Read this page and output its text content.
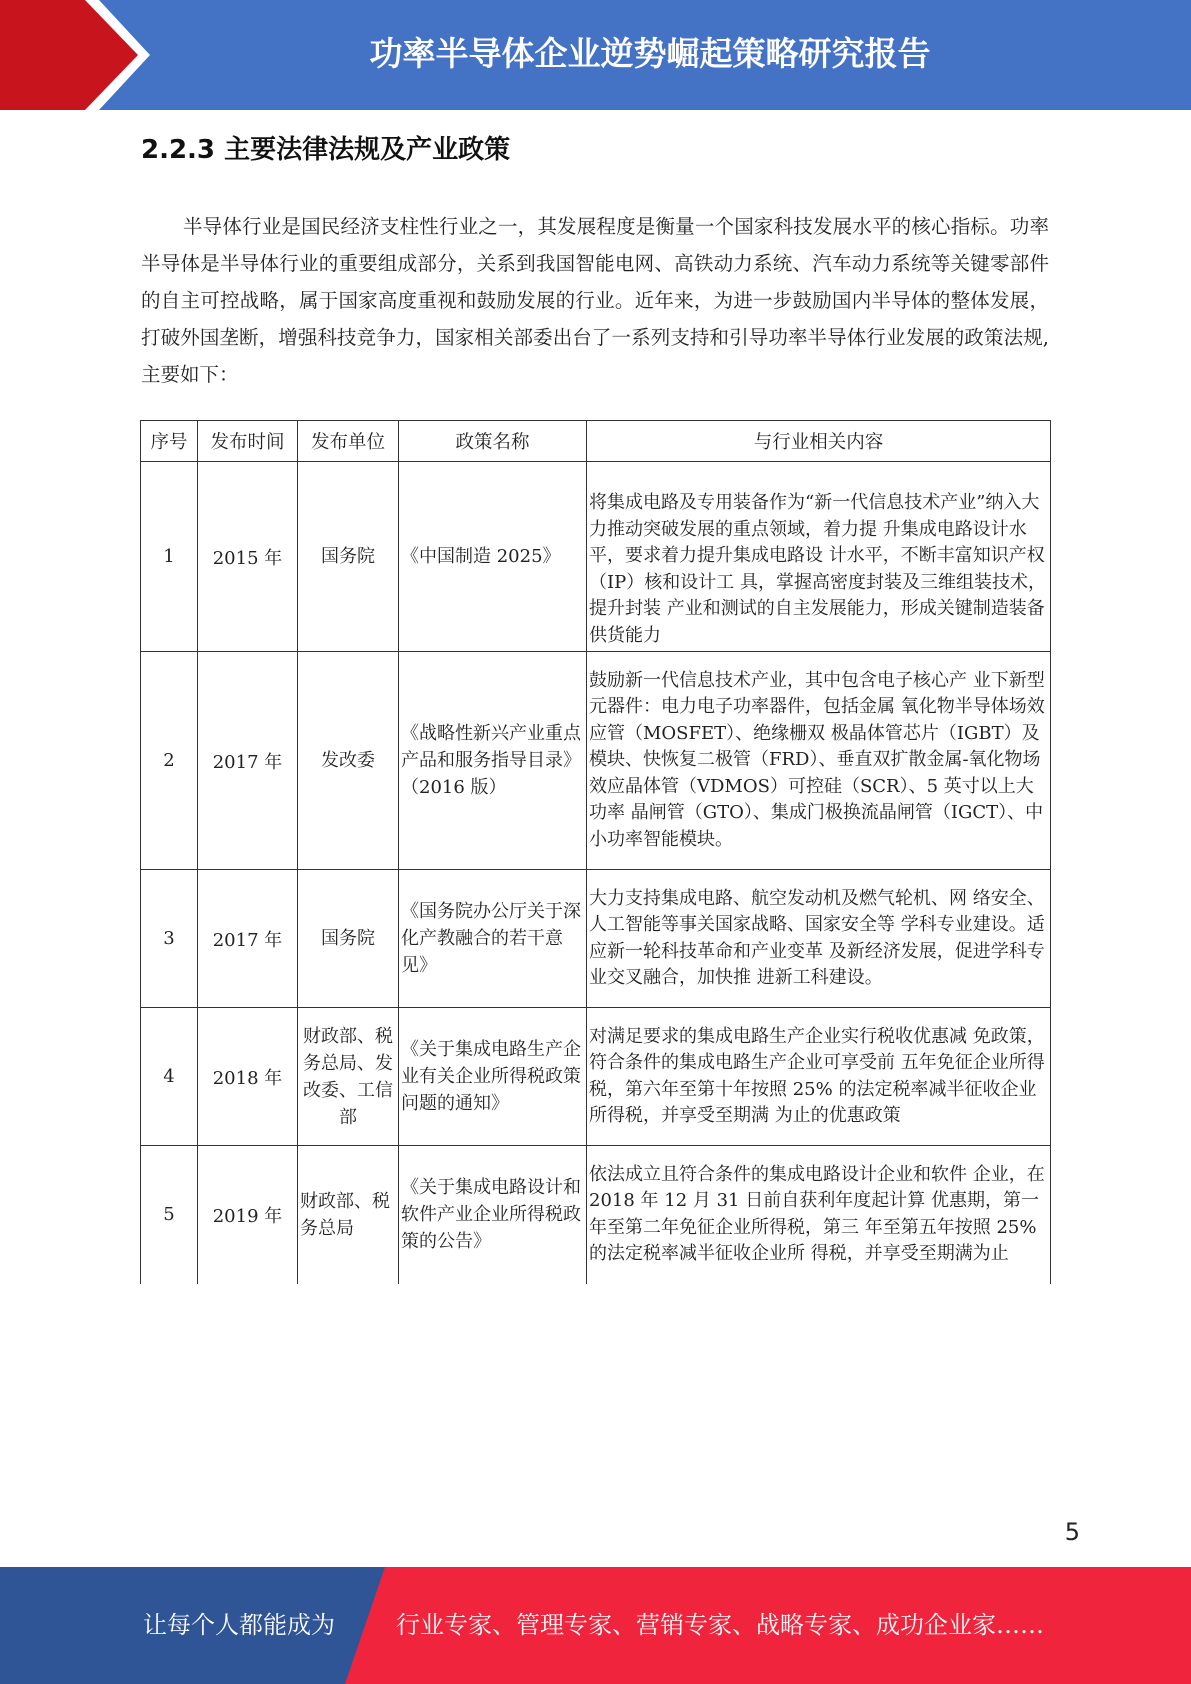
功率半导体企业逆势崛起策略研究报告
2.2.3 主要法律法规及产业政策

半导体行业是国民经济支柱性行业之一，其发展程度是衡量一个国家科技发展水平的核心指标。功率半导体是半导体行业的重要组成部分，关系到我国智能电网、高铁动力系统、汽车动力系统等关键零部件的自主可控战略，属于国家高度重视和鼓励发展的行业。近年来，为进一步鼓励国内半导体的整体发展，打破外国垄断，增强科技竞争力，国家相关部委出台了一系列支持和引导功率半导体行业发展的政策法规,主要如下：

序号	发布时间	发布单位	政策名称	与行业相关内容
1	2015 年	国务院	《中国制造 2025》	将集成电路及专用装备作为“新一代信息技术产业”纳入大力推动突破发展的重点领域，着力提 升集成电路设计水平，要求着力提升集成电路设 计水平，不断丰富知识产权（IP）核和设计工 具，掌握高密度封装及三维组装技术，提升封装 产业和测试的自主发展能力，形成关键制造装备 供货能力
2	2017 年	发改委	《战略性新兴产业重点产品和服务指导目录》（2016 版）	鼓励新一代信息技术产业，其中包含电子核心产 业下新型元器件：电力电子功率器件，包括金属 氧化物半导体场效应管（MOSFET）、绝缘栅双 极晶体管芯片（IGBT）及模块、快恢复二极管（FRD）、垂直双扩散金属-氧化物场效应晶体管（VDMOS）可控硅（SCR）、5 英寸以上大功率 晶闸管（GTO）、集成门极换流晶闸管（IGCT）、中小功率智能模块。
3	2017 年	国务院	《国务院办公厅关于深化产教融合的若干意见》	大力支持集成电路、航空发动机及燃气轮机、网 络安全、人工智能等事关国家战略、国家安全等 学科专业建设。适应新一轮科技革命和产业变革 及新经济发展，促进学科专业交叉融合，加快推 进新工科建设。
4	2018 年	财政部、税务总局、发改委、工信部	《关于集成电路生产企业有关企业所得税政策问题的通知》	对满足要求的集成电路生产企业实行税收优惠减 免政策，符合条件的集成电路生产企业可享受前 五年免征企业所得税，第六年至第十年按照 25% 的法定税率减半征收企业所得税，并享受至期满 为止的优惠政策
5	2019 年	财政部、税务总局	《关于集成电路设计和软件产业企业所得税政策的公告》	依法成立且符合条件的集成电路设计企业和软件 企业，在 2018 年 12 月 31 日前自获利年度起计算 优惠期，第一年至第二年免征企业所得税，第三 年至第五年按照 25%的法定税率减半征收企业所 得税，并享受至期满为止
5
让每个人都能成为	行业专家、管理专家、营销专家、战略专家、成功企业家……
